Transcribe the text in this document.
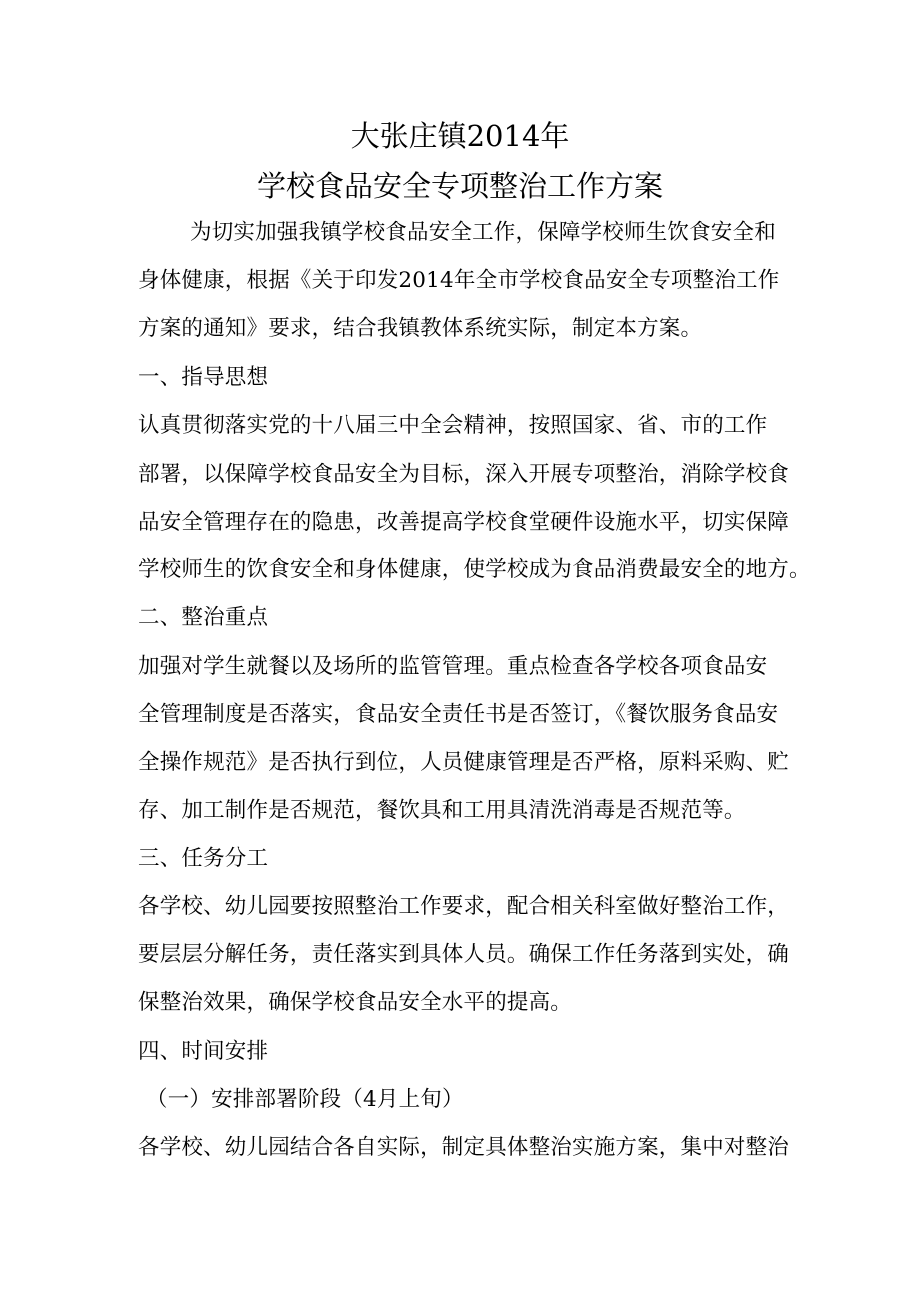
大张庄镇2014年
学校食品安全专项整治工作方案
为切实加强我镇学校食品安全工作，保障学校师生饮食安全和
身体健康，根据《关于印发2014年全市学校食品安全专项整治工作
方案的通知》要求，结合我镇教体系统实际，制定本方案。
一、指导思想
认真贯彻落实党的十八届三中全会精神，按照国家、省、市的工作
部署，以保障学校食品安全为目标，深入开展专项整治，消除学校食
品安全管理存在的隐患，改善提高学校食堂硬件设施水平，切实保障
学校师生的饮食安全和身体健康，使学校成为食品消费最安全的地方。
二、整治重点
加强对学生就餐以及场所的监管管理。重点检查各学校各项食品安
全管理制度是否落实，食品安全责任书是否签订，《餐饮服务食品安
全操作规范》是否执行到位，人员健康管理是否严格，原料采购、贮
存、加工制作是否规范，餐饮具和工用具清洗消毒是否规范等。
三、任务分工
各学校、幼儿园要按照整治工作要求，配合相关科室做好整治工作，
要层层分解任务，责任落实到具体人员。确保工作任务落到实处，确
保整治效果，确保学校食品安全水平的提高。
四、时间安排
（一）安排部署阶段（4月上旬）
各学校、幼儿园结合各自实际，制定具体整治实施方案，集中对整治
